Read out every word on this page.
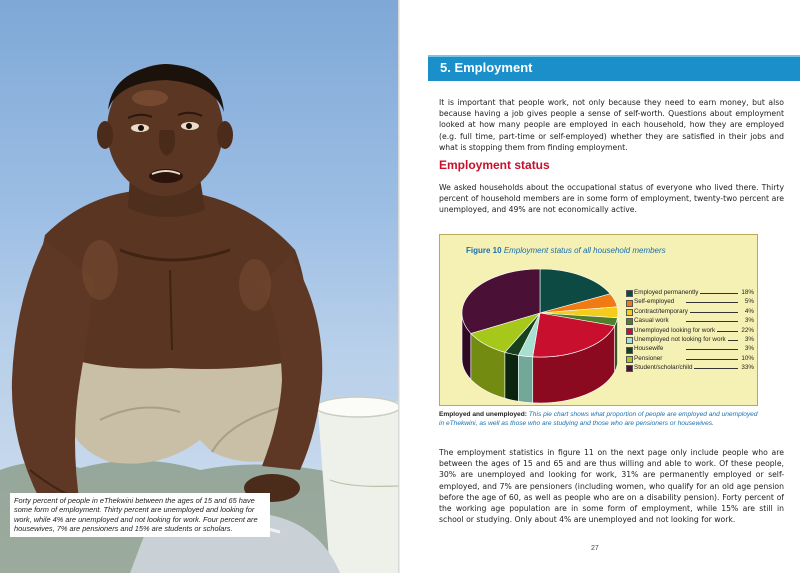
Forty percent of people in eThekwini between the ages of 15 and 65 have some form of employment. Thirty percent are unemployed and looking for work, while 4% are unemployed and not looking for work. Four percent are housewives, 7% are pensioners and 15% are students or scholars.
5. Employment

It is important that people work, not only because they need to earn money, but also because having a job gives people a sense of self-worth. Questions about employment looked at how many people are employed in each household, how they are employed (e.g. full time, part-time or self-employed) whether they are satisfied in their jobs and what is stopping them from finding employment.

Employment status

We asked households about the occupational status of everyone who lived there. Thirty percent of household members are in some form of employment, twenty-two percent are unemployed, and 49% are not economically active.

Figure 10 Employment status of all household members
Employed permanently	18%
Self-employed	5%
Contract/temporary	4%
Casual work	3%
Unemployed looking for work	22%
Unemployed not looking for work	3%
Housewife	3%
Pensioner	10%
Student/scholar/child	33%

Employed and unemployed: This pie chart shows what proportion of people are employed and unemployed in eThekwini, as well as those who are studying and those who are pensioners or housewives.

The employment statistics in figure 11 on the next page only include people who are between the ages of 15 and 65 and are thus willing and able to work. Of these people, 30% are unemployed and looking for work, 31% are permanently employed or self-employed, and 7% are pensioners (including women, who qualify for an old age pension before the age of 60, as well as people who are on a disability pension). Forty percent of the working age population are in some form of employment, while 15% are still in school or studying. Only about 4% are unemployed and not looking for work.

27
